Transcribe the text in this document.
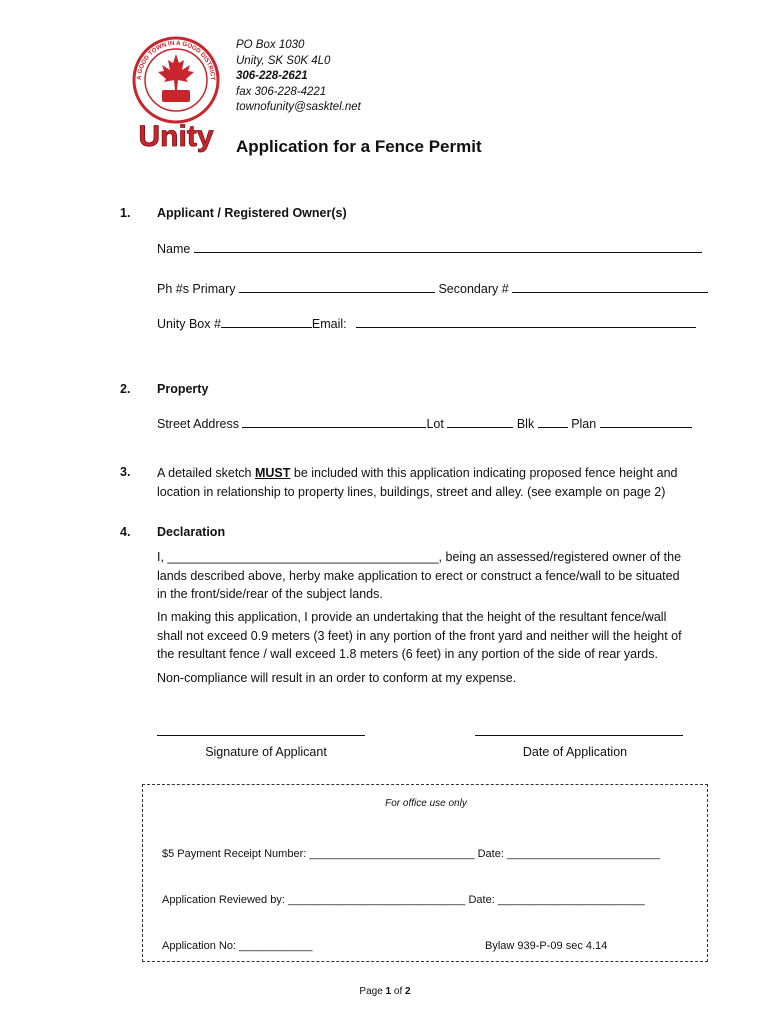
A GOOD TOWN IN A GOOD DISTRICT
Unity
PO Box 1030
Unity, SK S0K 4L0
306-228-2621
fax 306-228-4221
townofunity@sasktel.net
Application for a Fence Permit
1. Applicant / Registered Owner(s)
Name
Ph #s Primary	Secondary #
Unity Box #	Email:
2. Property
Street Address	Lot	Blk	Plan
3. A detailed sketch MUST be included with this application indicating proposed fence height and
location in relationship to property lines, buildings, street and alley. (see example on page 2)
4. Declaration
I, _______________________________________, being an assessed/registered owner of the
lands described above, herby make application to erect or construct a fence/wall to be situated
in the front/side/rear of the subject lands.
In making this application, I provide an undertaking that the height of the resultant fence/wall
shall not exceed 0.9 meters (3 feet) in any portion of the front yard and neither will the height of
the resultant fence / wall exceed 1.8 meters (6 feet) in any portion of the side of rear yards.
Non-compliance will result in an order to conform at my expense.
Signature of Applicant	Date of Application
For office use only
$5 Payment Receipt Number: ___________________________ Date: _________________________
Application Reviewed by: _____________________________ Date: ________________________
Application No: ____________	Bylaw 939-P-09 sec 4.14
Page 1 of 2
